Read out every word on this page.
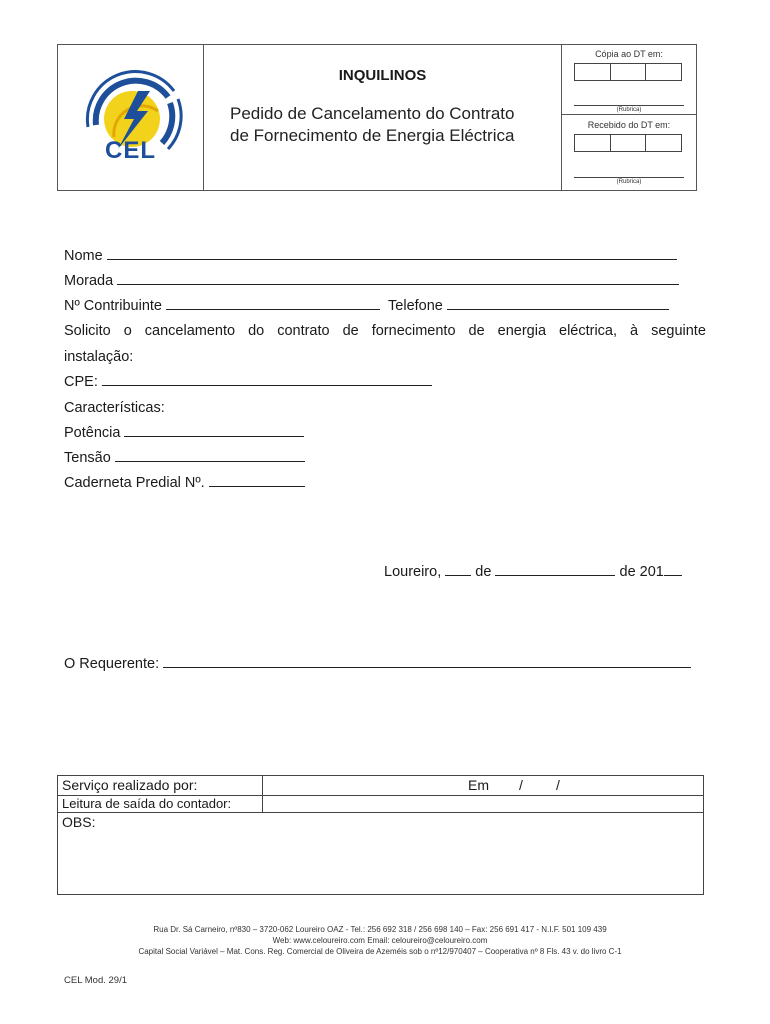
CEL
INQUILINOS
Pedido de Cancelamento do Contrato
de Fornecimento de Energia Eléctrica
Cópia ao DT em:
(Rubrica)
Recebido do DT em:
(Rubrica)
Nome
Morada
Nº Contribuinte	Telefone
Solicito o cancelamento do contrato de fornecimento de energia eléctrica, à seguinte
instalação:
CPE:
Características:
Potência
Tensão
Caderneta Predial Nº.
Loureiro, de	de 201
O Requerente:
Serviço realizado por:	Em / /
Leitura de saída do contador:
OBS:
Rua Dr. Sá Carneiro, nº830 – 3720-062 Loureiro OAZ - Tel.: 256 692 318 / 256 698 140 – Fax: 256 691 417 - N.I.F. 501 109 439
Web: www.celoureiro.com Email: celoureiro@celoureiro.com
Capital Social Variável – Mat. Cons. Reg. Comercial de Oliveira de Azeméis sob o nº12/970407 – Cooperativa nº 8 Fls. 43 v. do livro C-1
CEL Mod. 29/1
